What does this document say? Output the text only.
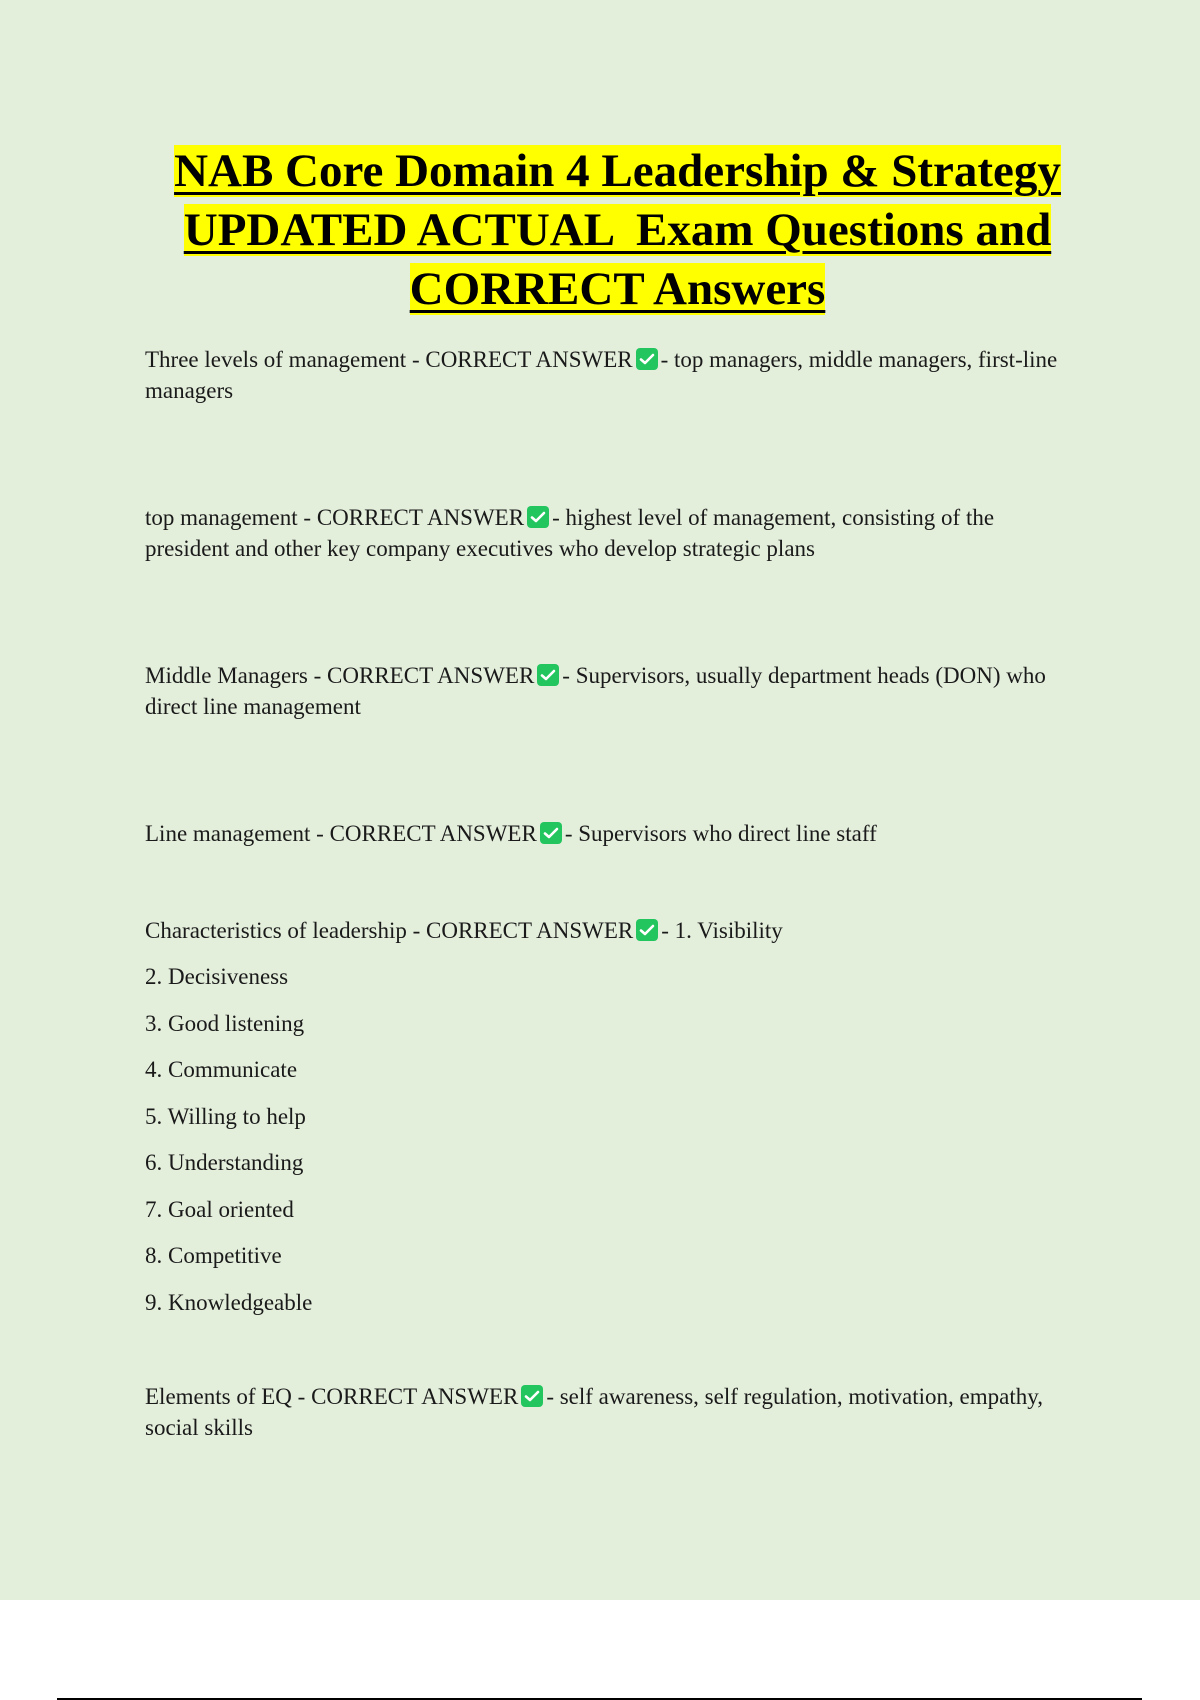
NAB Core Domain 4 Leadership & Strategy
UPDATED ACTUAL  Exam Questions and
CORRECT Answers

Three levels of management - CORRECT ANSWER - top managers, middle managers, first-line managers

top management - CORRECT ANSWER - highest level of management, consisting of the president and other key company executives who develop strategic plans

Middle Managers - CORRECT ANSWER - Supervisors, usually department heads (DON) who direct line management

Line management - CORRECT ANSWER - Supervisors who direct line staff

Characteristics of leadership - CORRECT ANSWER - 1. Visibility

2. Decisiveness

3. Good listening

4. Communicate

5. Willing to help

6. Understanding

7. Goal oriented

8. Competitive

9. Knowledgeable

Elements of EQ - CORRECT ANSWER - self awareness, self regulation, motivation, empathy, social skills
